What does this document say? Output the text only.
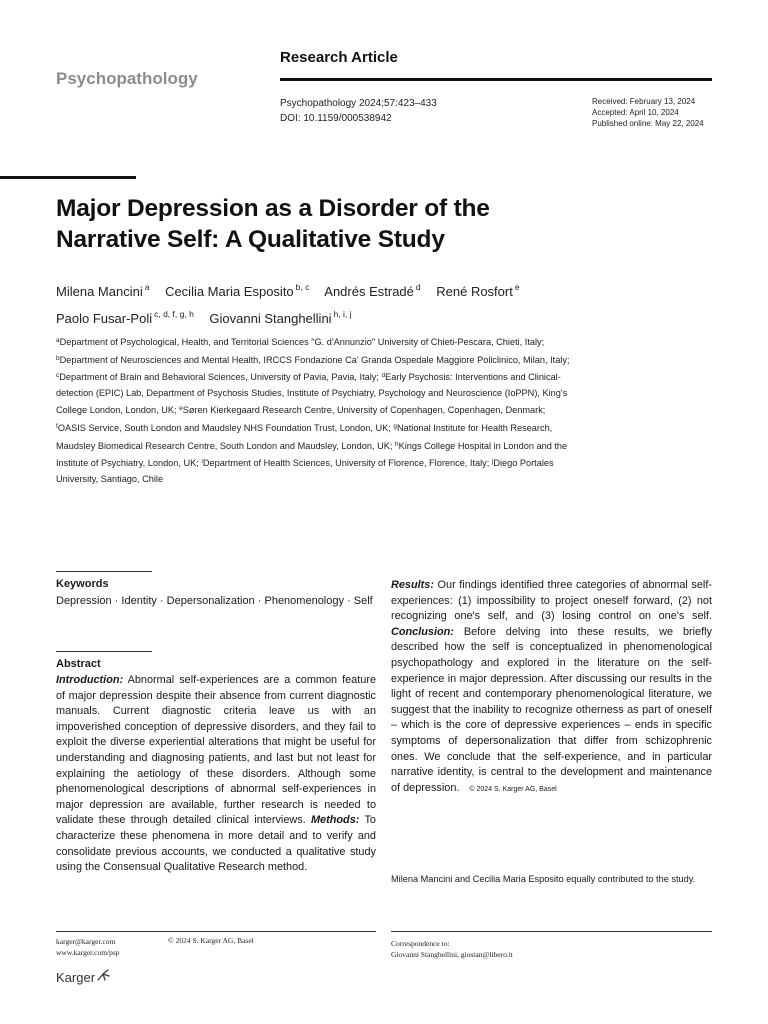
Psychopathology
Research Article
Psychopathology 2024;57:423–433
DOI: 10.1159/000538942
Received: February 13, 2024
Accepted: April 10, 2024
Published online: May 22, 2024
Major Depression as a Disorder of the
Narrative Self: A Qualitative Study
Milena Mancini $^a$ Cecilia Maria Esposito $^{b, c}$ Andrés Estradé $^d$ René Rosfort $^e$
Paolo Fusar-Poli $^{c, d, f, g, h}$ Giovanni Stanghellini $^{h, i, j}$
$^a$Department of Psychological, Health, and Territorial Sciences "G. d'Annunzio" University of Chieti-Pescara, Chieti, Italy; $^b$Department of Neurosciences and Mental Health, IRCCS Fondazione Ca' Granda Ospedale Maggiore Policlinico, Milan, Italy; $^c$Department of Brain and Behavioral Sciences, University of Pavia, Pavia, Italy; $^d$Early Psychosis: Interventions and Clinical-detection (EPIC) Lab, Department of Psychosis Studies, Institute of Psychiatry, Psychology and Neuroscience (IoPPN), King's College London, London, UK; $^e$Søren Kierkegaard Research Centre, University of Copenhagen, Copenhagen, Denmark; $^f$OASIS Service, South London and Maudsley NHS Foundation Trust, London, UK; $^g$National Institute for Health Research, Maudsley Biomedical Research Centre, South London and Maudsley, London, UK; $^h$Kings College Hospital in London and the Institute of Psychiatry, London, UK; $^i$Department of Health Sciences, University of Florence, Florence, Italy; $^j$Diego Portales University, Santiago, Chile
Keywords
Depression · Identity · Depersonalization · Phenomenology · Self
Abstract
Introduction: Abnormal self-experiences are a common feature of major depression despite their absence from current diagnostic manuals. Current diagnostic criteria leave us with an impoverished conception of depressive disorders, and they fail to exploit the diverse experiential alterations that might be useful for understanding and diagnosing patients, and last but not least for explaining the aetiology of these disorders. Although some phenomenological descriptions of abnormal self-experiences in major depression are available, further research is needed to validate these through detailed clinical interviews. Methods: To characterize these phenomena in more detail and to verify and consolidate previous accounts, we conducted a qualitative study using the Consensual Qualitative Research method.
Results: Our findings identified three categories of abnormal self-experiences: (1) impossibility to project oneself forward, (2) not recognizing one's self, and (3) losing control on one's self. Conclusion: Before delving into these results, we briefly described how the self is conceptualized in phenomenological psychopathology and explored in the literature on the self-experience in major depression. After discussing our results in the light of recent and contemporary phenomenological literature, we suggest that the inability to recognize otherness as part of oneself – which is the core of depressive experiences – ends in specific symptoms of depersonalization that differ from schizophrenic ones. We conclude that the self-experience, and in particular narrative identity, is central to the development and maintenance of depression. © 2024 S. Karger AG, Basel
Milena Mancini and Cecilia Maria Esposito equally contributed to the study.
karger@karger.com
www.karger.com/psp
© 2024 S. Karger AG, Basel	Correspondence to:
Giovanni Stanghellini, giostan@libero.it
Karger
